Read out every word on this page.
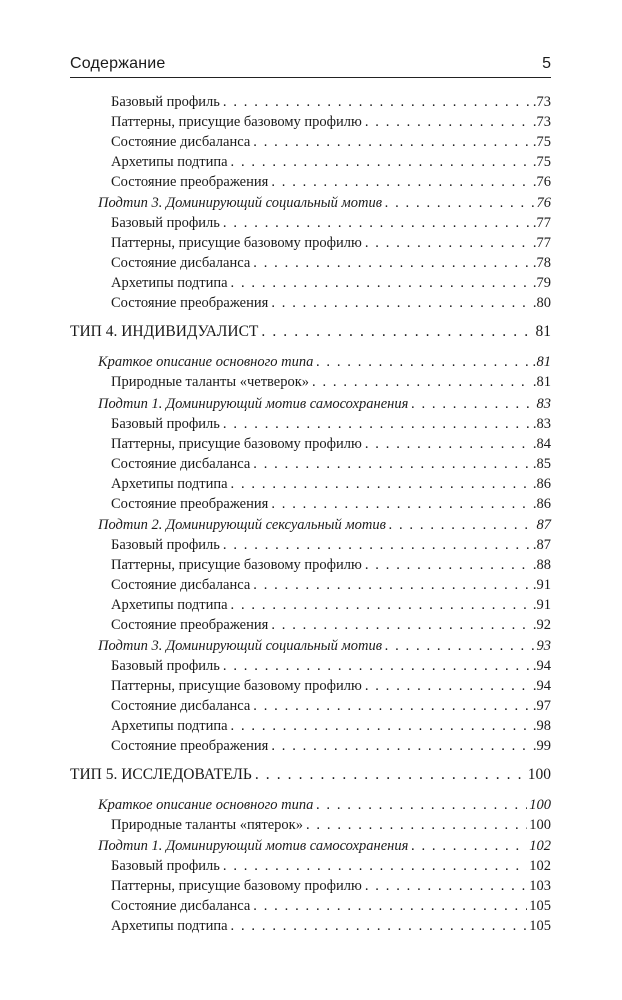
Содержание	5
Базовый профиль . . .	.73
Паттерны, присущие базовому профилю . . .	.73
Состояние дисбаланса . . .	.75
Архетипы подтипа . . .	.75
Состояние преображения . . .	.76
Подтип 3. Доминирующий социальный мотив . . .	76
Базовый профиль . . .	.77
Паттерны, присущие базовому профилю . . .	.77
Состояние дисбаланса . . .	.78
Архетипы подтипа . . .	.79
Состояние преображения . . .	.80
ТИП 4. ИНДИВИДУАЛИСТ . . .	81
Краткое описание основного типа . . .	.81
Природные таланты «четверок» . . .	.81
Подтип 1. Доминирующий мотив самосохранения . . .	83
Базовый профиль . . .	.83
Паттерны, присущие базовому профилю . . .	.84
Состояние дисбаланса . . .	.85
Архетипы подтипа . . .	.86
Состояние преображения . . .	.86
Подтип 2. Доминирующий сексуальный мотив . . .	87
Базовый профиль . . .	.87
Паттерны, присущие базовому профилю . . .	.88
Состояние дисбаланса . . .	.91
Архетипы подтипа . . .	.91
Состояние преображения . . .	.92
Подтип 3. Доминирующий социальный мотив . . .	93
Базовый профиль . . .	.94
Паттерны, присущие базовому профилю . . .	.94
Состояние дисбаланса . . .	.97
Архетипы подтипа . . .	.98
Состояние преображения . . .	.99
ТИП 5. ИССЛЕДОВАТЕЛЬ . . .	100
Краткое описание основного типа . . .	100
Природные таланты «пятерок» . . .	100
Подтип 1. Доминирующий мотив самосохранения . . .	102
Базовый профиль . . .	102
Паттерны, присущие базовому профилю . . .	103
Состояние дисбаланса . . .	105
Архетипы подтипа . . .	105
